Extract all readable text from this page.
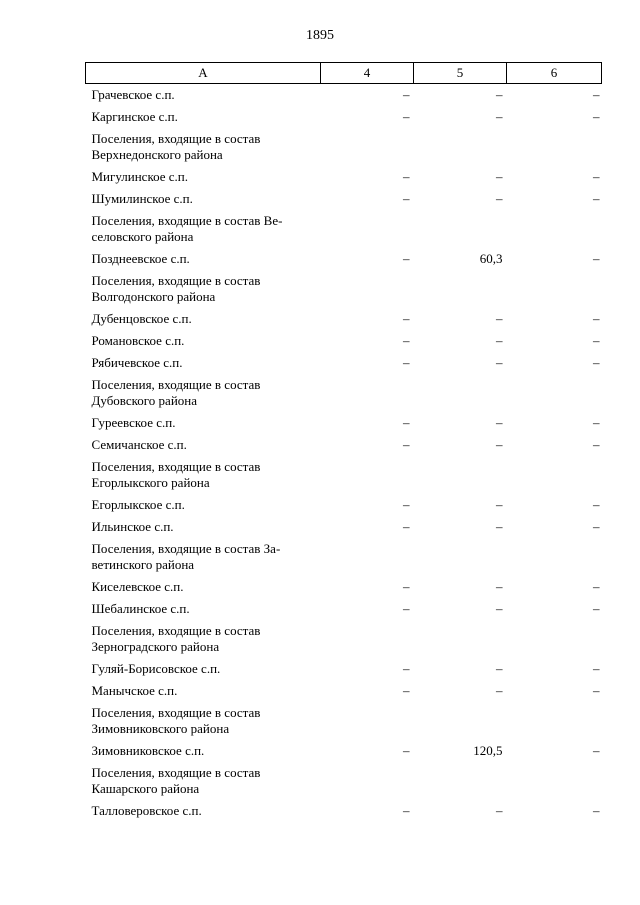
1895
А	4	5	6
Грачевское с.п.	–	–	–
Каргинское с.п.	–	–	–
Поселения, входящие в состав
Верхнедонского района			
Мигулинское с.п.	–	–	–
Шумилинское с.п.	–	–	–
Поселения, входящие в состав Ве-
селовского района			
Позднеевское с.п.	–	60,3	–
Поселения, входящие в состав
Волгодонского района			
Дубенцовское с.п.	–	–	–
Романовское с.п.	–	–	–
Рябичевское с.п.	–	–	–
Поселения, входящие в состав
Дубовского района			
Гуреевское с.п.	–	–	–
Семичанское с.п.	–	–	–
Поселения, входящие в состав
Егорлыкского района			
Егорлыкское с.п.	–	–	–
Ильинское с.п.	–	–	–
Поселения, входящие в состав За-
ветинского района			
Киселевское с.п.	–	–	–
Шебалинское с.п.	–	–	–
Поселения, входящие в состав
Зерноградского района			
Гуляй-Борисовское с.п.	–	–	–
Манычское с.п.	–	–	–
Поселения, входящие в состав
Зимовниковского района			
Зимовниковское с.п.	–	120,5	–
Поселения, входящие в состав
Кашарского района			
Талловеровское с.п.	–	–	–
